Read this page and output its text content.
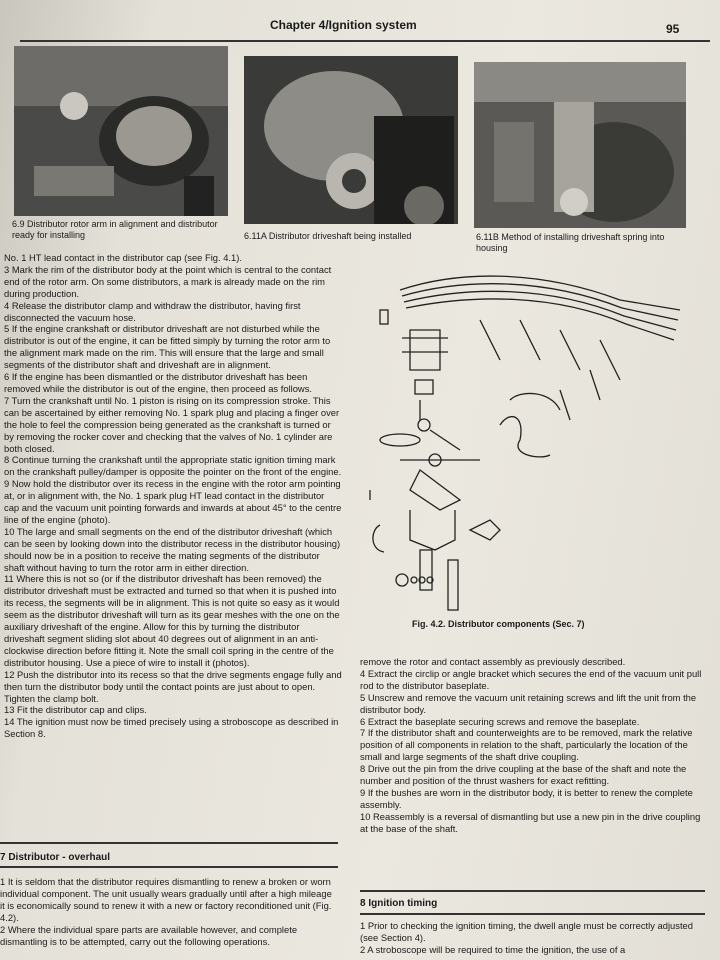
Chapter 4/Ignition system	95
6.9 Distributor rotor arm in alignment and distributor ready for installing	6.11A Distributor driveshaft being installed	6.11B Method of installing driveshaft spring into housing

No. 1 HT lead contact in the distributor cap (see Fig. 4.1).

3 Mark the rim of the distributor body at the point which is central to the contact end of the rotor arm. On some distributors, a mark is already made on the rim during production.

4 Release the distributor clamp and withdraw the distributor, having first disconnected the vacuum hose.

5 If the engine crankshaft or distributor driveshaft are not disturbed while the distributor is out of the engine, it can be fitted simply by turning the rotor arm to the alignment mark made on the rim. This will ensure that the large and small segments of the distributor shaft and driveshaft are in alignment.

6 If the engine has been dismantled or the distributor driveshaft has been removed while the distributor is out of the engine, then proceed as follows.

7 Turn the crankshaft until No. 1 piston is rising on its compression stroke. This can be ascertained by either removing No. 1 spark plug and placing a finger over the hole to feel the compression being generated as the crankshaft is turned or by removing the rocker cover and checking that the valves of No. 1 cylinder are both closed.

8 Continue turning the crankshaft until the appropriate static ignition timing mark on the crankshaft pulley/damper is opposite the pointer on the front of the engine.

9 Now hold the distributor over its recess in the engine with the rotor arm pointing at, or in alignment with, the No. 1 spark plug HT lead contact in the distributor cap and the vacuum unit pointing forwards and inwards at about 45° to the centre line of the engine (photo).

10 The large and small segments on the end of the distributor driveshaft (which can be seen by looking down into the distributor recess in the distributor housing) should now be in a position to receive the mating segments of the distributor shaft without having to turn the rotor arm in either direction.

11 Where this is not so (or if the distributor driveshaft has been removed) the distributor driveshaft must be extracted and turned so that when it is pushed into its recess, the segments will be in alignment. This is not quite so easy as it would seem as the distributor driveshaft will turn as its gear meshes with the one on the auxiliary driveshaft of the engine. Allow for this by turning the distributor driveshaft segment sliding slot about 40 degrees out of alignment in an anti-clockwise direction before fitting it. Note the small coil spring in the centre of the distributor housing. Use a piece of wire to install it (photos).

12 Push the distributor into its recess so that the drive segments engage fully and then turn the distributor body until the contact points are just about to open. Tighten the clamp bolt.

13 Fit the distributor cap and clips.

14 The ignition must now be timed precisely using a stroboscope as described in Section 8.

7 Distributor - overhaul

1 It is seldom that the distributor requires dismantling to renew a broken or worn individual component. The unit usually wears gradually until after a high mileage it is economically sound to renew it with a new or factory reconditioned unit (Fig. 4.2).

2 Where the individual spare parts are available however, and complete dismantling is to be attempted, carry out the following operations.

Fig. 4.2. Distributor components (Sec. 7)

remove the rotor and contact assembly as previously described.

4 Extract the circlip or angle bracket which secures the end of the vacuum unit pull rod to the distributor baseplate.

5 Unscrew and remove the vacuum unit retaining screws and lift the unit from the distributor body.

6 Extract the baseplate securing screws and remove the baseplate.

7 If the distributor shaft and counterweights are to be removed, mark the relative position of all components in relation to the shaft, particularly the location of the small and large segments of the shaft drive coupling.

8 Drive out the pin from the drive coupling at the base of the shaft and note the number and position of the thrust washers for exact refitting.

9 If the bushes are worn in the distributor body, it is better to renew the complete assembly.

10 Reassembly is a reversal of dismantling but use a new pin in the drive coupling at the base of the shaft.

8 Ignition timing

1 Prior to checking the ignition timing, the dwell angle must be correctly adjusted (see Section 4).

2 A stroboscope will be required to time the ignition, the use of a
